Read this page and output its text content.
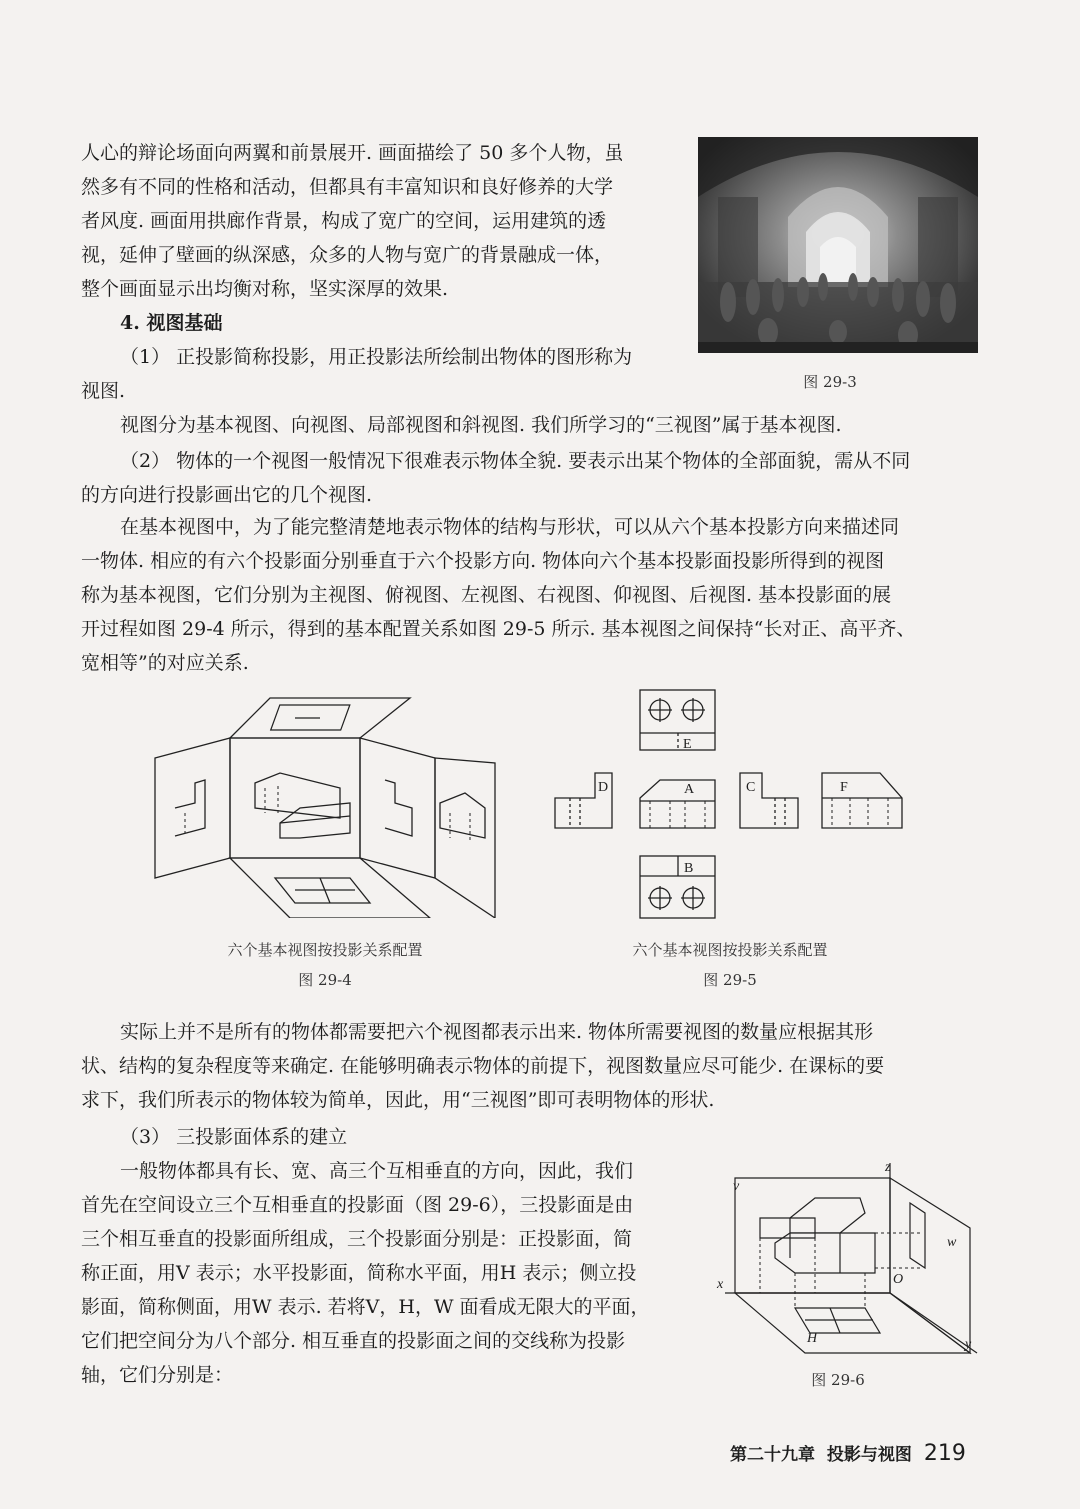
人心的辩论场面向两翼和前景展开. 画面描绘了 50 多个人物，虽
然多有不同的性格和活动，但都具有丰富知识和良好修养的大学
者风度. 画面用拱廊作背景，构成了宽广的空间，运用建筑的透
视，延伸了壁画的纵深感，众多的人物与宽广的背景融成一体，
整个画面显示出均衡对称，坚实深厚的效果.
4. 视图基础
（1） 正投影简称投影，用正投影法所绘制出物体的图形称为
视图.	图 29-3
视图分为基本视图、向视图、局部视图和斜视图. 我们所学习的“三视图”属于基本视图.
（2） 物体的一个视图一般情况下很难表示物体全貌. 要表示出某个物体的全部面貌，需从不同
的方向进行投影画出它的几个视图.
在基本视图中，为了能完整清楚地表示物体的结构与形状，可以从六个基本投影方向来描述同
一物体. 相应的有六个投影面分别垂直于六个投影方向. 物体向六个基本投影面投影所得到的视图
称为基本视图，它们分别为主视图、俯视图、左视图、右视图、仰视图、后视图. 基本投影面的展
开过程如图 29-4 所示，得到的基本配置关系如图 29-5 所示. 基本视图之间保持“长对正、高平齐、
宽相等”的对应关系.
六个基本视图按投影关系配置
图 29-4
E
D	A	C	F
B
六个基本视图按投影关系配置
图 29-5
实际上并不是所有的物体都需要把六个视图都表示出来. 物体所需要视图的数量应根据其形
状、结构的复杂程度等来确定. 在能够明确表示物体的前提下，视图数量应尽可能少. 在课标的要
求下，我们所表示的物体较为简单，因此，用“三视图”即可表明物体的形状.
（3） 三投影面体系的建立
一般物体都具有长、宽、高三个互相垂直的方向，因此，我们
首先在空间设立三个互相垂直的投影面（图 29-6），三投影面是由
三个相互垂直的投影面所组成，三个投影面分别是：正投影面，简
称正面，用V 表示；水平投影面，简称水平面，用H 表示；侧立投
影面，简称侧面，用W 表示. 若将V，H，W 面看成无限大的平面，
它们把空间分为八个部分. 相互垂直的投影面之间的交线称为投影
轴，它们分别是：
z
v
w
x	O
H	y
图 29-6
第二十九章  投影与视图 219
